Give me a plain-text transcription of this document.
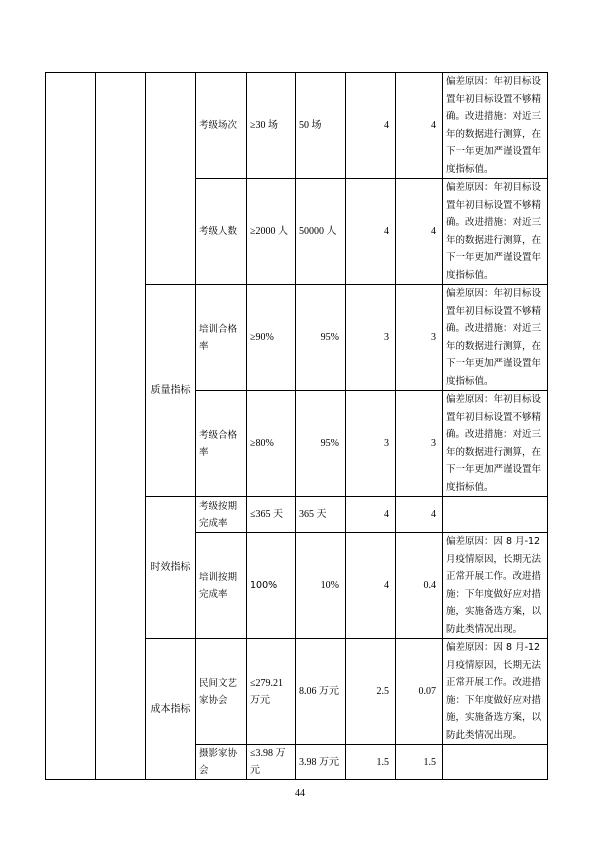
			考级场次	≥30 场	50 场	4	4	偏差原因：年初目标设置年初目标设置不够精确。改进措施：对近三年的数据进行测算，在下一年更加严谨设置年度指标值。
			考级人数	≥2000 人	50000 人	4	4	偏差原因：年初目标设置年初目标设置不够精确。改进措施：对近三年的数据进行测算，在下一年更加严谨设置年度指标值。
		质量指标	培训合格率	≥90%	95%	3	3	偏差原因：年初目标设置年初目标设置不够精确。改进措施：对近三年的数据进行测算，在下一年更加严谨设置年度指标值。
			考级合格率	≥80%	95%	3	3	偏差原因：年初目标设置年初目标设置不够精确。改进措施：对近三年的数据进行测算，在下一年更加严谨设置年度指标值。
		时效指标	考级按期完成率	≤365 天	365 天	4	4	
			培训按期完成率	100%	10%	4	0.4	偏差原因：因 8 月-12 月疫情原因，长期无法正常开展工作。改进措施：下年度做好应对措施，实施备选方案，以防此类情况出现。
		成本指标	民间文艺家协会	≤279.21 万元	8.06 万元	2.5	0.07	偏差原因：因 8 月-12 月疫情原因，长期无法正常开展工作。改进措施：下年度做好应对措施，实施备选方案，以防此类情况出现。
			摄影家协会	≤3.98 万元	3.98 万元	1.5	1.5	
44
